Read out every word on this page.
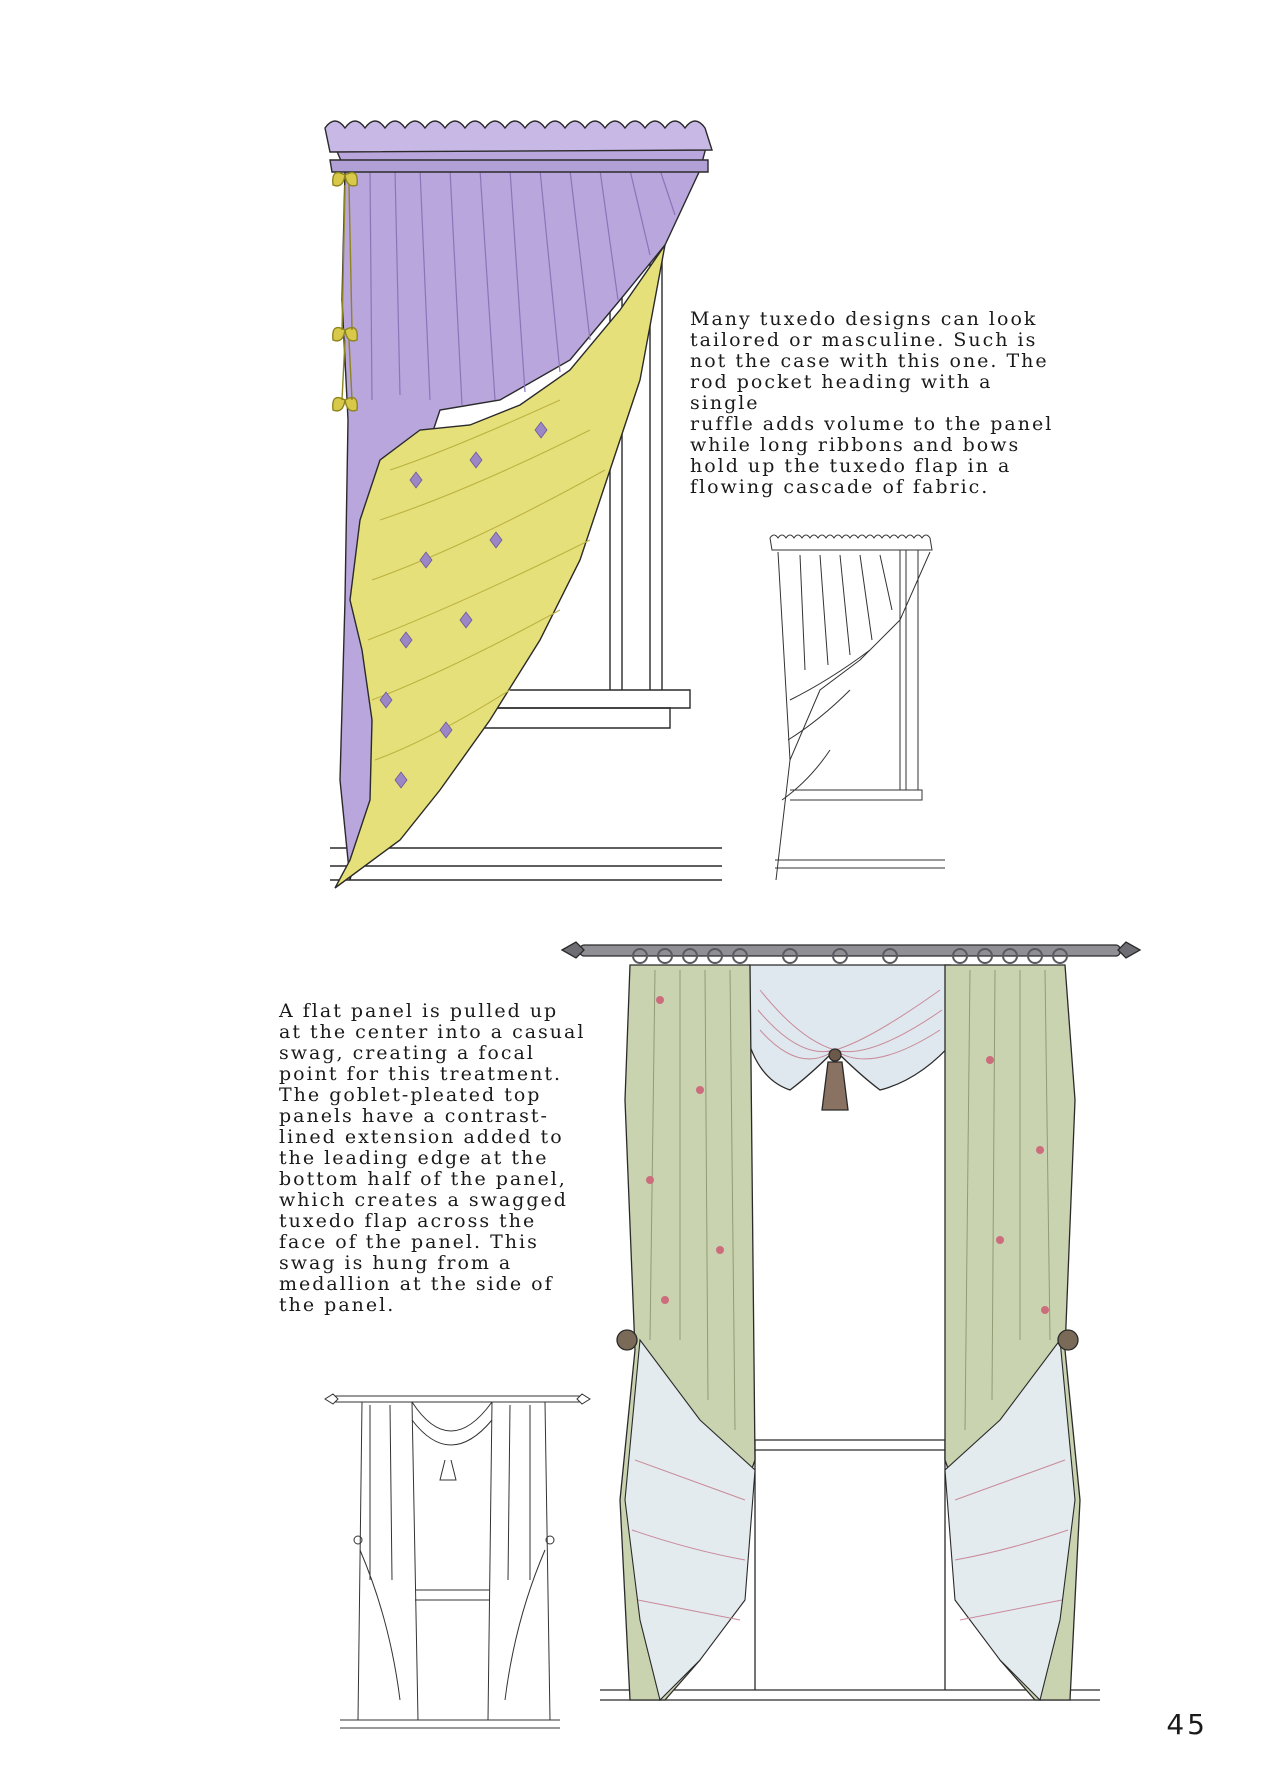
Many tuxedo designs can look
tailored or masculine. Such is
not the case with this one. The
rod pocket heading with a single
ruffle adds volume to the panel
while long ribbons and bows
hold up the tuxedo flap in a
flowing cascade of fabric.
A flat panel is pulled up
at the center into a casual
swag, creating a focal
point for this treatment.
The goblet-pleated top
panels have a contrast-
lined extension added to
the leading edge at the
bottom half of the panel,
which creates a swagged
tuxedo flap across the
face of the panel. This
swag is hung from a
medallion at the side of
the panel.
45
